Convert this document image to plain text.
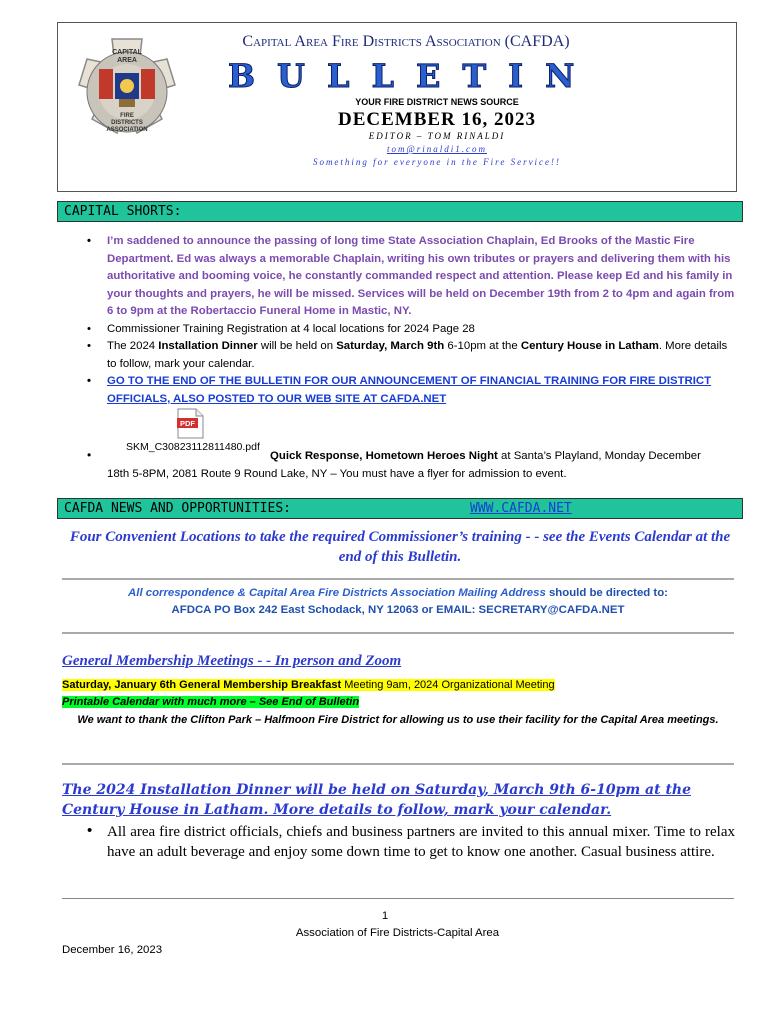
CAPITAL
AREA
FIRE
DISTRICTS
ASSOCIATION
Capital Area Fire Districts Association (CAFDA)
BULLETIN
YOUR FIRE DISTRICT NEWS SOURCE
DECEMBER 16, 2023
EDITOR – TOM RINALDI
tom@rinaldi1.com
Something for everyone in the Fire Service!!
CAPITAL SHORTS:
• I’m saddened to announce the passing of long time State Association Chaplain, Ed Brooks of the Mastic Fire Department. Ed was always a memorable Chaplain, writing his own tributes or prayers and delivering them with his authoritative and booming voice, he constantly commanded respect and attention. Please keep Ed and his family in your thoughts and prayers, he will be missed. Services will be held on December 19th from 2 to 4pm and again from 6 to 9pm at the Robertaccio Funeral Home in Mastic, NY.
• Commissioner Training Registration at 4 local locations for 2024 Page 28
• The 2024 Installation Dinner will be held on Saturday, March 9th 6-10pm at the Century House in Latham. More details to follow, mark your calendar.
• GO TO THE END OF THE BULLETIN FOR OUR ANNOUNCEMENT OF FINANCIAL TRAINING FOR FIRE DISTRICT OFFICIALS, ALSO POSTED TO OUR WEB SITE AT CAFDA.NET
PDF
SKM_C30823112811480.pdf
•	Quick Response, Hometown Heroes Night at Santa’s Playland, Monday December
18th 5-8PM, 2081 Route 9 Round Lake, NY – You must have a flyer for admission to event.
CAFDA NEWS AND OPPORTUNITIES:	WWW.CAFDA.NET
Four Convenient Locations to take the required Commissioner’s training - - see the Events Calendar at the end of this Bulletin.
All correspondence & Capital Area Fire Districts Association Mailing Address should be directed to:
AFDCA PO Box 242 East Schodack, NY 12063 or EMAIL: SECRETARY@CAFDA.NET
General Membership Meetings - - In person and Zoom
Saturday, January 6th General Membership Breakfast Meeting 9am, 2024 Organizational Meeting
Printable Calendar with much more – See End of Bulletin
We want to thank the Clifton Park – Halfmoon Fire District for allowing us to use their facility for the Capital Area meetings.
The 2024 Installation Dinner will be held on Saturday, March 9th 6-10pm at the Century House in Latham. More details to follow, mark your calendar.
• All area fire district officials, chiefs and business partners are invited to this annual mixer. Time to relax have an adult beverage and enjoy some down time to get to know one another. Casual business attire.
1
Association of Fire Districts-Capital Area
December 16, 2023
